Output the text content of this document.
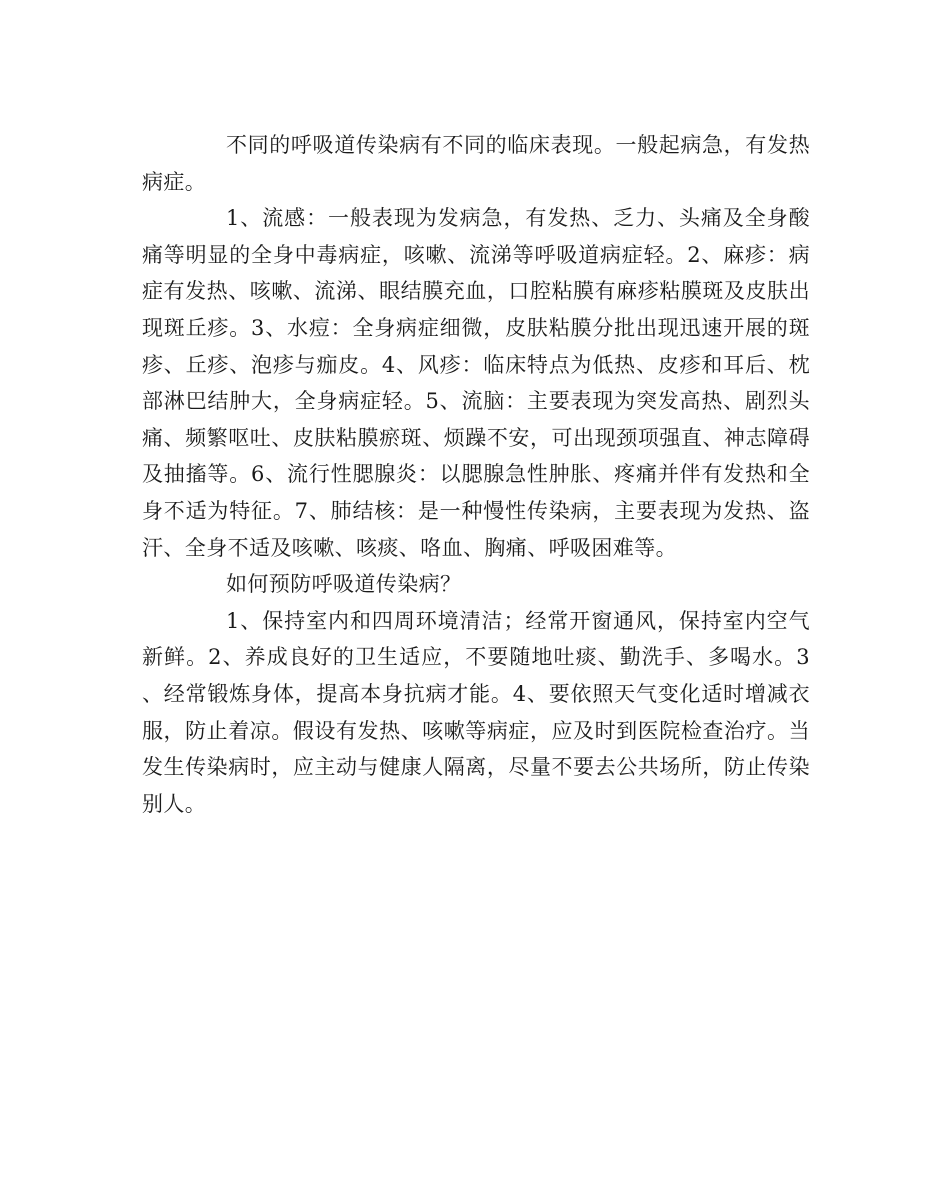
不同的呼吸道传染病有不同的临床表现。一般起病急，有发热病症。

1、流感：一般表现为发病急，有发热、乏力、头痛及全身酸痛等明显的全身中毒病症，咳嗽、流涕等呼吸道病症轻。2、麻疹：病症有发热、咳嗽、流涕、眼结膜充血，口腔粘膜有麻疹粘膜斑及皮肤出现斑丘疹。3、水痘：全身病症细微，皮肤粘膜分批出现迅速开展的斑疹、丘疹、泡疹与痂皮。4、风疹：临床特点为低热、皮疹和耳后、枕部淋巴结肿大，全身病症轻。5、流脑：主要表现为突发高热、剧烈头痛、频繁呕吐、皮肤粘膜瘀斑、烦躁不安，可出现颈项强直、神志障碍及抽搐等。6、流行性腮腺炎：以腮腺急性肿胀、疼痛并伴有发热和全身不适为特征。7、肺结核：是一种慢性传染病，主要表现为发热、盗汗、全身不适及咳嗽、咳痰、咯血、胸痛、呼吸困难等。

如何预防呼吸道传染病？

1、保持室内和四周环境清洁；经常开窗通风，保持室内空气新鲜。2、养成良好的卫生适应，不要随地吐痰、勤洗手、多喝水。3、经常锻炼身体，提高本身抗病才能。4、要依照天气变化适时增减衣服，防止着凉。假设有发热、咳嗽等病症，应及时到医院检查治疗。当发生传染病时，应主动与健康人隔离，尽量不要去公共场所，防止传染别人。
